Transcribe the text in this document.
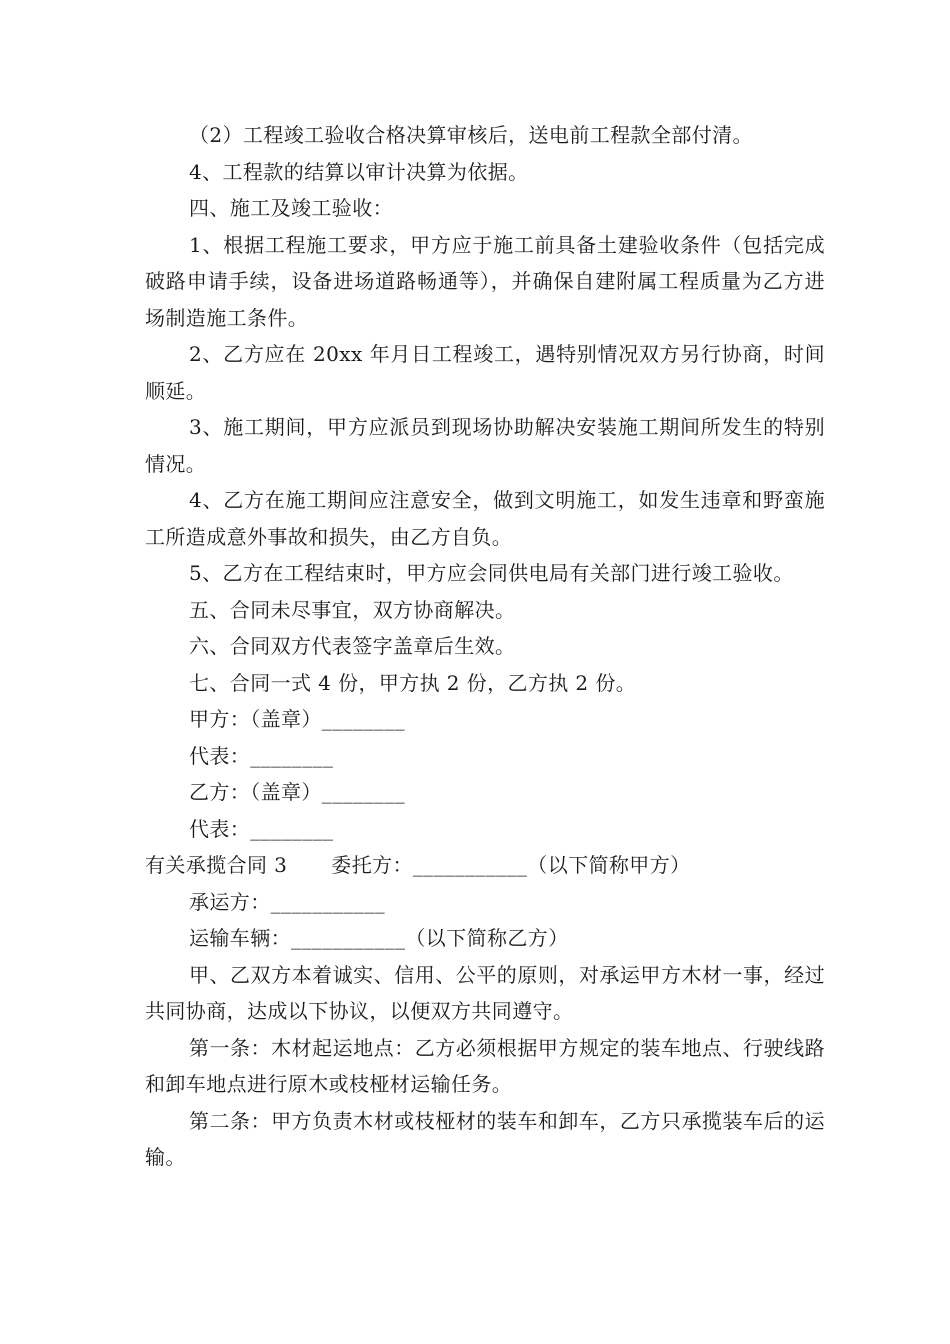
（2）工程竣工验收合格决算审核后，送电前工程款全部付清。

4、工程款的结算以审计决算为依据。

四、施工及竣工验收：

1、根据工程施工要求，甲方应于施工前具备土建验收条件（包括完成破路申请手续，设备进场道路畅通等），并确保自建附属工程质量为乙方进场制造施工条件。

2、乙方应在 20xx 年月日工程竣工，遇特别情况双方另行协商，时间顺延。

3、施工期间，甲方应派员到现场协助解决安装施工期间所发生的特别情况。

4、乙方在施工期间应注意安全，做到文明施工，如发生违章和野蛮施工所造成意外事故和损失，由乙方自负。

5、乙方在工程结束时，甲方应会同供电局有关部门进行竣工验收。

五、合同未尽事宜，双方协商解决。

六、合同双方代表签字盖章后生效。

七、合同一式 4 份，甲方执 2 份，乙方执 2 份。

甲方：（盖章）________

代表：________

乙方：（盖章）________

代表：________

有关承揽合同 3 委托方：___________（以下简称甲方）

承运方：___________

运输车辆：___________（以下简称乙方）

甲、乙双方本着诚实、信用、公平的原则，对承运甲方木材一事，经过共同协商，达成以下协议，以便双方共同遵守。

第一条：木材起运地点：乙方必须根据甲方规定的装车地点、行驶线路和卸车地点进行原木或枝桠材运输任务。

第二条：甲方负责木材或枝桠材的装车和卸车，乙方只承揽装车后的运输。
